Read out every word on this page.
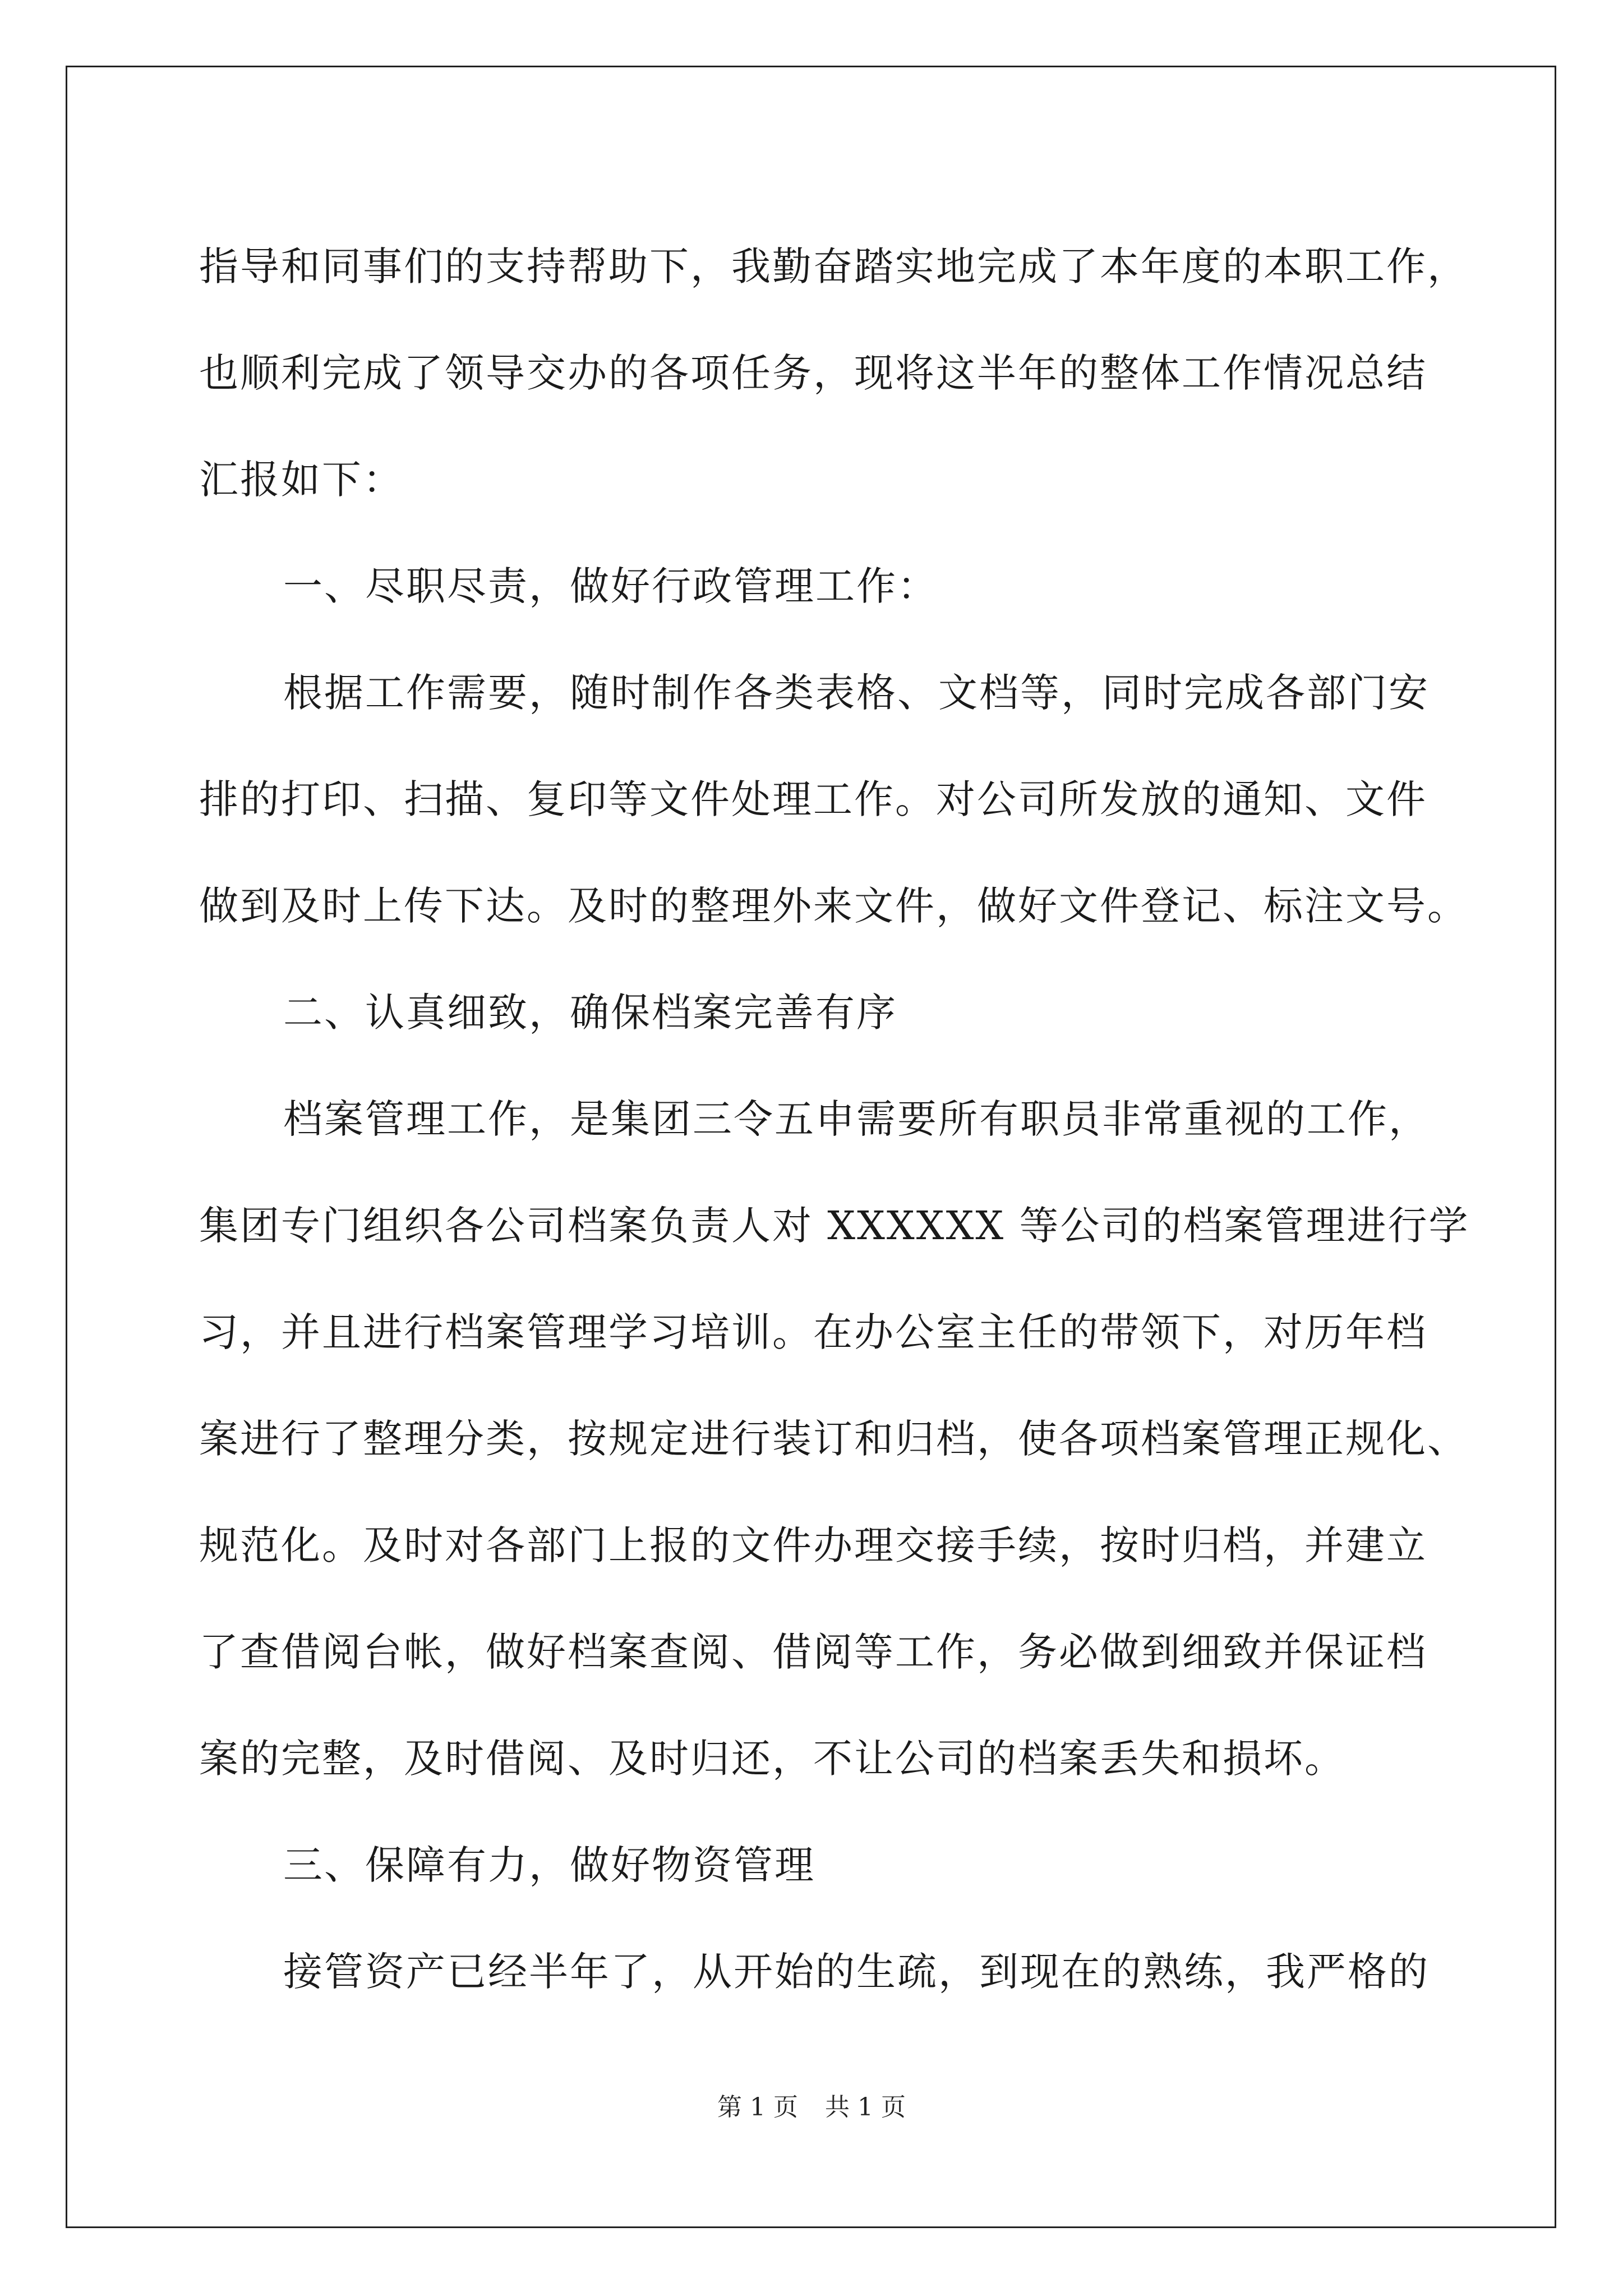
指导和同事们的支持帮助下，我勤奋踏实地完成了本年度的本职工作，
也顺利完成了领导交办的各项任务，现将这半年的整体工作情况总结
汇报如下：
一、尽职尽责，做好行政管理工作：
根据工作需要，随时制作各类表格、文档等，同时完成各部门安
排的打印、扫描、复印等文件处理工作。对公司所发放的通知、文件
做到及时上传下达。及时的整理外来文件，做好文件登记、标注文号。
二、认真细致，确保档案完善有序
档案管理工作，是集团三令五申需要所有职员非常重视的工作，
集团专门组织各公司档案负责人对 XXXXXX 等公司的档案管理进行学
习，并且进行档案管理学习培训。在办公室主任的带领下，对历年档
案进行了整理分类，按规定进行装订和归档，使各项档案管理正规化、
规范化。及时对各部门上报的文件办理交接手续，按时归档，并建立
了查借阅台帐，做好档案查阅、借阅等工作，务必做到细致并保证档
案的完整，及时借阅、及时归还，不让公司的档案丢失和损坏。
三、保障有力，做好物资管理
接管资产已经半年了，从开始的生疏，到现在的熟练，我严格的
第 1 页 共 1 页
